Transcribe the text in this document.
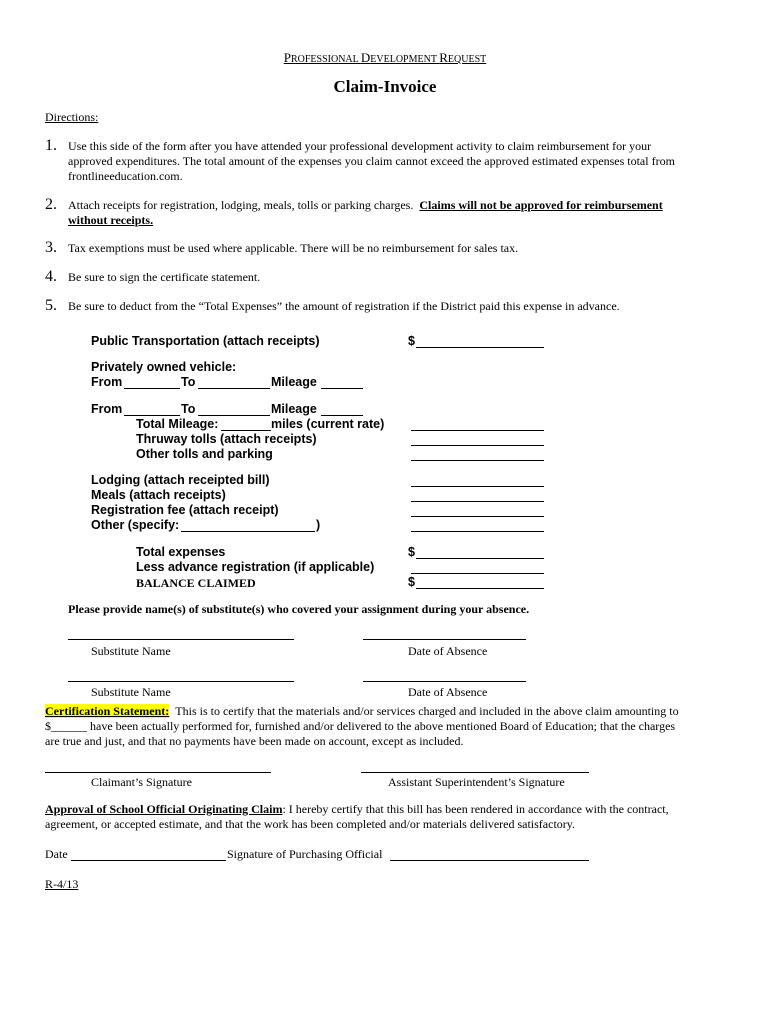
PROFESSIONAL DEVELOPMENT REQUEST
Claim-Invoice
Directions:
1. Use this side of the form after you have attended your professional development activity to claim reimbursement for your
approved expenditures. The total amount of the expenses you claim cannot exceed the approved estimated expenses total from
frontlineeducation.com.
2. Attach receipts for registration, lodging, meals, tolls or parking charges. Claims will not be approved for reimbursement
without receipts.
3. Tax exemptions must be used where applicable. There will be no reimbursement for sales tax.
4. Be sure to sign the certificate statement.
5. Be sure to deduct from the “Total Expenses” the amount of registration if the District paid this expense in advance.
Public Transportation (attach receipts)	$
Privately owned vehicle:
From	To	Mileage
From	To	Mileage
Total Mileage:	miles (current rate)
Thruway tolls (attach receipts)
Other tolls and parking
Lodging (attach receipted bill)
Meals (attach receipts)
Registration fee (attach receipt)
Other (specify:	)
Total expenses	$
Less advance registration (if applicable)
BALANCE CLAIMED	$
Please provide name(s) of substitute(s) who covered your assignment during your absence.
Substitute Name	Date of Absence
Substitute Name	Date of Absence
Certification Statement: This is to certify that the materials and/or services charged and included in the above claim amounting to
$______ have been actually performed for, furnished and/or delivered to the above mentioned Board of Education; that the charges
are true and just, and that no payments have been made on account, except as included.
Claimant’s Signature	Assistant Superintendent’s Signature
Approval of School Official Originating Claim: I hereby certify that this bill has been rendered in accordance with the contract,
agreement, or accepted estimate, and that the work has been completed and/or materials delivered satisfactory.
Date	Signature of Purchasing Official
R-4/13
